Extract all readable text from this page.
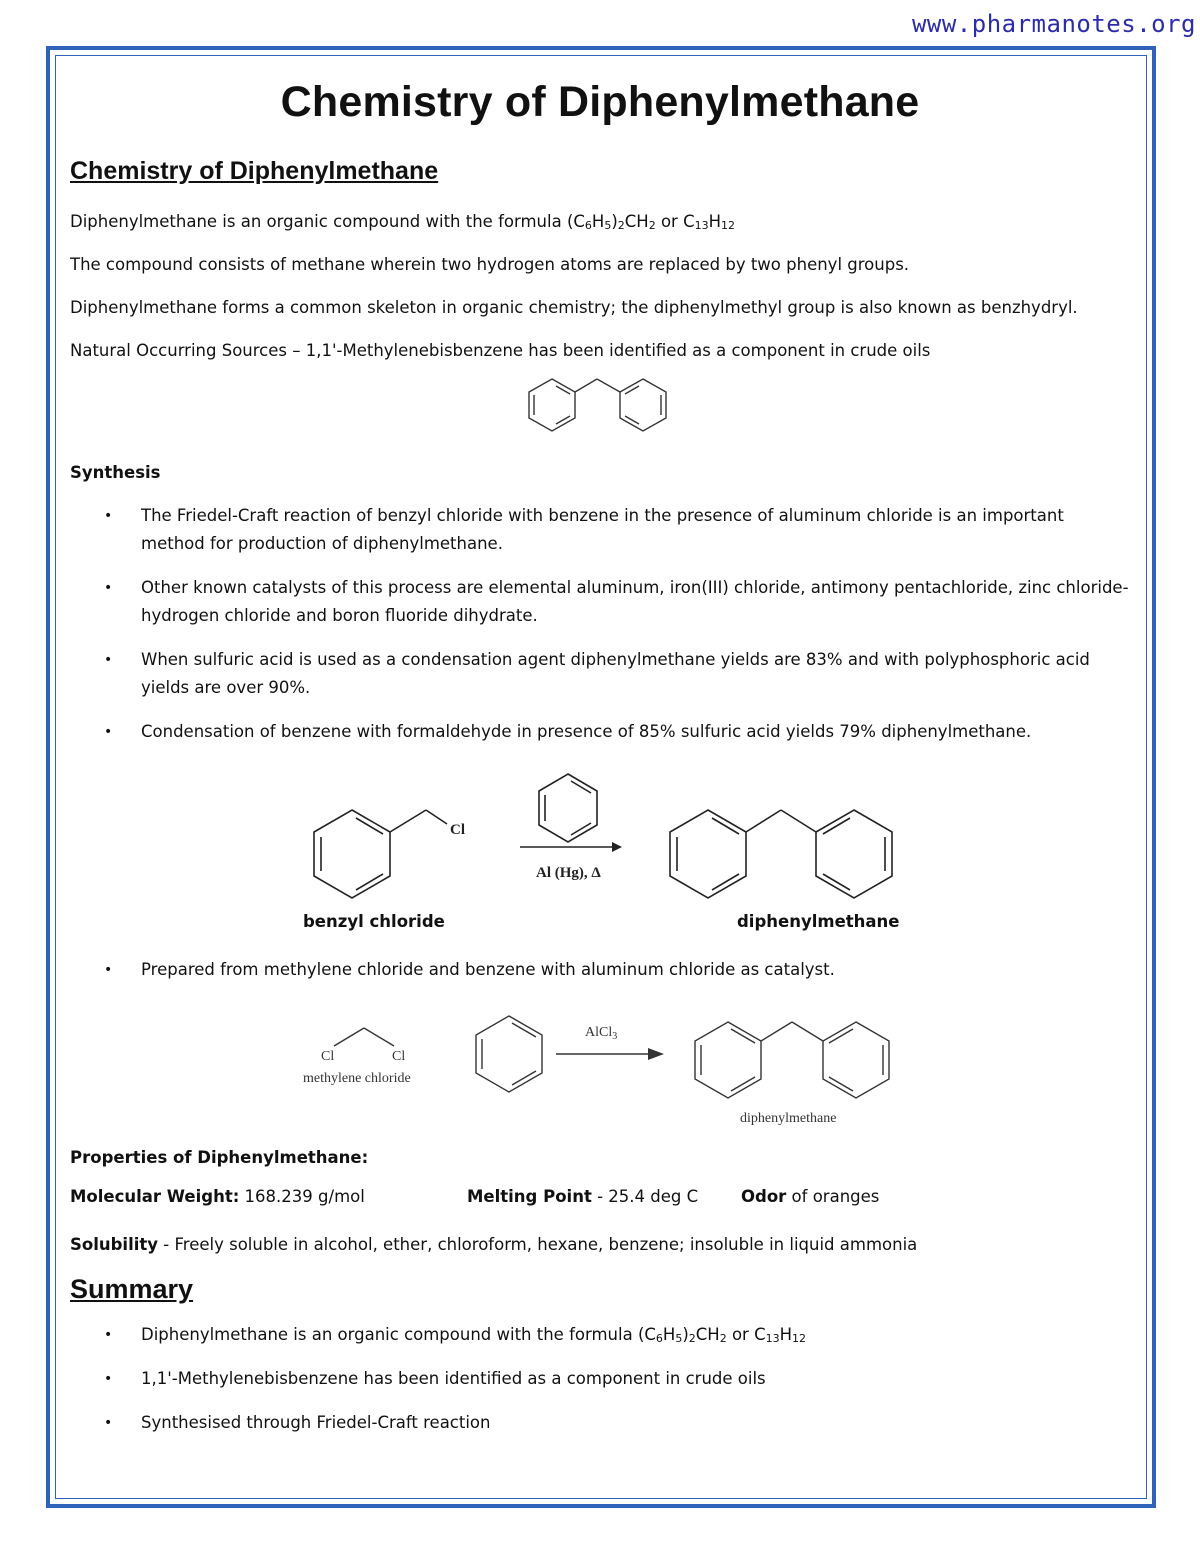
www.pharmanotes.org
Chemistry of Diphenylmethane
Chemistry of Diphenylmethane

Diphenylmethane is an organic compound with the formula $(C_6H_5)_2CH_2$ or $C_{13}H_{12}$

The compound consists of methane wherein two hydrogen atoms are replaced by two phenyl groups.

Diphenylmethane forms a common skeleton in organic chemistry; the diphenylmethyl group is also known as benzhydryl.

Natural Occurring Sources – 1,1'-Methylenebisbenzene has been identified as a component in crude oils

Synthesis

• The Friedel-Craft reaction of benzyl chloride with benzene in the presence of aluminum chloride is an important method for production of diphenylmethane.
• Other known catalysts of this process are elemental aluminum, iron(III) chloride, antimony pentachloride, zinc chloride-hydrogen chloride and boron fluoride dihydrate.
• When sulfuric acid is used as a condensation agent diphenylmethane yields are 83% and with polyphosphoric acid yields are over 90%.
• Condensation of benzene with formaldehyde in presence of 85% sulfuric acid yields 79% diphenylmethane.
Cl
Al (Hg), Δ
benzyl chloride	diphenylmethane
• Prepared from methylene chloride and benzene with aluminum chloride as catalyst.
Cl	Cl
methylene chloride
AlCl$_3$
diphenylmethane

Properties of Diphenylmethane:

Molecular Weight: 168.239 g/mol	Melting Point - 25.4 deg C	Odor of oranges

Solubility - Freely soluble in alcohol, ether, chloroform, hexane, benzene; insoluble in liquid ammonia

Summary
• Diphenylmethane is an organic compound with the formula $(C_6H_5)_2CH_2$ or $C_{13}H_{12}$
• 1,1'-Methylenebisbenzene has been identified as a component in crude oils
• Synthesised through Friedel-Craft reaction
